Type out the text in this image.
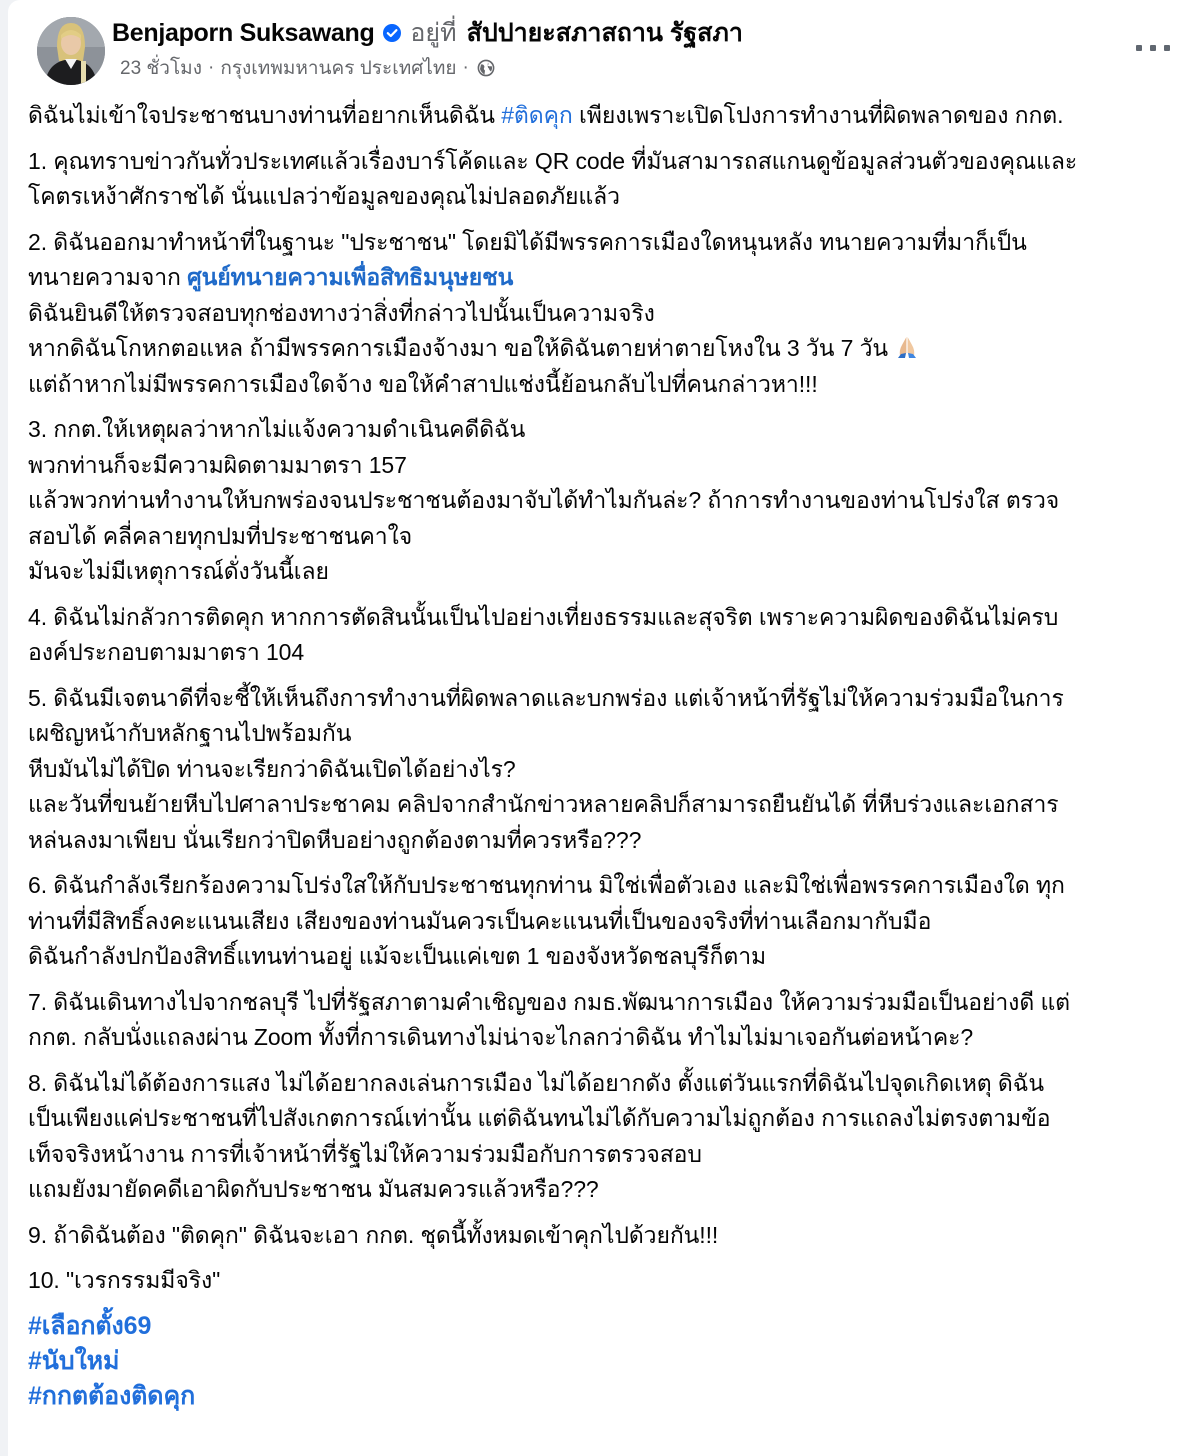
Benjaporn Suksawang อยู่ที่ สัปปายะสภาสถาน รัฐสภา
23 ชั่วโมง · กรุงเทพมหานคร ประเทศไทย ·
ดิฉันไม่เข้าใจประชาชนบางท่านที่อยากเห็นดิฉัน #ติดคุก เพียงเพราะเปิดโปงการทำงานที่ผิดพลาดของ กกต.
1. คุณทราบข่าวกันทั่วประเทศแล้วเรื่องบาร์โค้ดและ QR code ที่มันสามารถสแกนดูข้อมูลส่วนตัวของคุณและ
โคตรเหง้าศักราชได้ นั่นแปลว่าข้อมูลของคุณไม่ปลอดภัยแล้ว
2. ดิฉันออกมาทำหน้าที่ในฐานะ "ประชาชน" โดยมิได้มีพรรคการเมืองใดหนุนหลัง ทนายความที่มาก็เป็น
ทนายความจาก ศูนย์ทนายความเพื่อสิทธิมนุษยชน
ดิฉันยินดีให้ตรวจสอบทุกช่องทางว่าสิ่งที่กล่าวไปนั้นเป็นความจริง
หากดิฉันโกหกตอแหล ถ้ามีพรรคการเมืองจ้างมา ขอให้ดิฉันตายห่าตายโหงใน 3 วัน 7 วัน
แต่ถ้าหากไม่มีพรรคการเมืองใดจ้าง ขอให้คำสาปแช่งนี้ย้อนกลับไปที่คนกล่าวหา!!!
3. กกต.ให้เหตุผลว่าหากไม่แจ้งความดำเนินคดีดิฉัน
พวกท่านก็จะมีความผิดตามมาตรา 157
แล้วพวกท่านทำงานให้บกพร่องจนประชาชนต้องมาจับได้ทำไมกันล่ะ? ถ้าการทำงานของท่านโปร่งใส ตรวจ
สอบได้ คลี่คลายทุกปมที่ประชาชนคาใจ
มันจะไม่มีเหตุการณ์ดั่งวันนี้เลย
4. ดิฉันไม่กลัวการติดคุก หากการตัดสินนั้นเป็นไปอย่างเที่ยงธรรมและสุจริต เพราะความผิดของดิฉันไม่ครบ
องค์ประกอบตามมาตรา 104
5. ดิฉันมีเจตนาดีที่จะชี้ให้เห็นถึงการทำงานที่ผิดพลาดและบกพร่อง แต่เจ้าหน้าที่รัฐไม่ให้ความร่วมมือในการ
เผชิญหน้ากับหลักฐานไปพร้อมกัน
หีบมันไม่ได้ปิด ท่านจะเรียกว่าดิฉันเปิดได้อย่างไร?
และวันที่ขนย้ายหีบไปศาลาประชาคม คลิปจากสำนักข่าวหลายคลิปก็สามารถยืนยันได้ ที่หีบร่วงและเอกสาร
หล่นลงมาเพียบ นั่นเรียกว่าปิดหีบอย่างถูกต้องตามที่ควรหรือ???
6. ดิฉันกำลังเรียกร้องความโปร่งใสให้กับประชาชนทุกท่าน มิใช่เพื่อตัวเอง และมิใช่เพื่อพรรคการเมืองใด ทุก
ท่านที่มีสิทธิ์ลงคะแนนเสียง เสียงของท่านมันควรเป็นคะแนนที่เป็นของจริงที่ท่านเลือกมากับมือ
ดิฉันกำลังปกป้องสิทธิ์แทนท่านอยู่ แม้จะเป็นแค่เขต 1 ของจังหวัดชลบุรีก็ตาม
7. ดิฉันเดินทางไปจากชลบุรี ไปที่รัฐสภาตามคำเชิญของ กมธ.พัฒนาการเมือง ให้ความร่วมมือเป็นอย่างดี แต่
กกต. กลับนั่งแถลงผ่าน Zoom ทั้งที่การเดินทางไม่น่าจะไกลกว่าดิฉัน ทำไมไม่มาเจอกันต่อหน้าคะ?
8. ดิฉันไม่ได้ต้องการแสง ไม่ได้อยากลงเล่นการเมือง ไม่ได้อยากดัง ตั้งแต่วันแรกที่ดิฉันไปจุดเกิดเหตุ ดิฉัน
เป็นเพียงแค่ประชาชนที่ไปสังเกตการณ์เท่านั้น แต่ดิฉันทนไม่ได้กับความไม่ถูกต้อง การแถลงไม่ตรงตามข้อ
เท็จจริงหน้างาน การที่เจ้าหน้าที่รัฐไม่ให้ความร่วมมือกับการตรวจสอบ
แถมยังมายัดคดีเอาผิดกับประชาชน มันสมควรแล้วหรือ???
9. ถ้าดิฉันต้อง "ติดคุก" ดิฉันจะเอา กกต. ชุดนี้ทั้งหมดเข้าคุกไปด้วยกัน!!!
10. "เวรกรรมมีจริง"
#เลือกตั้ง69
#นับใหม่
#กกตต้องติดคุก
